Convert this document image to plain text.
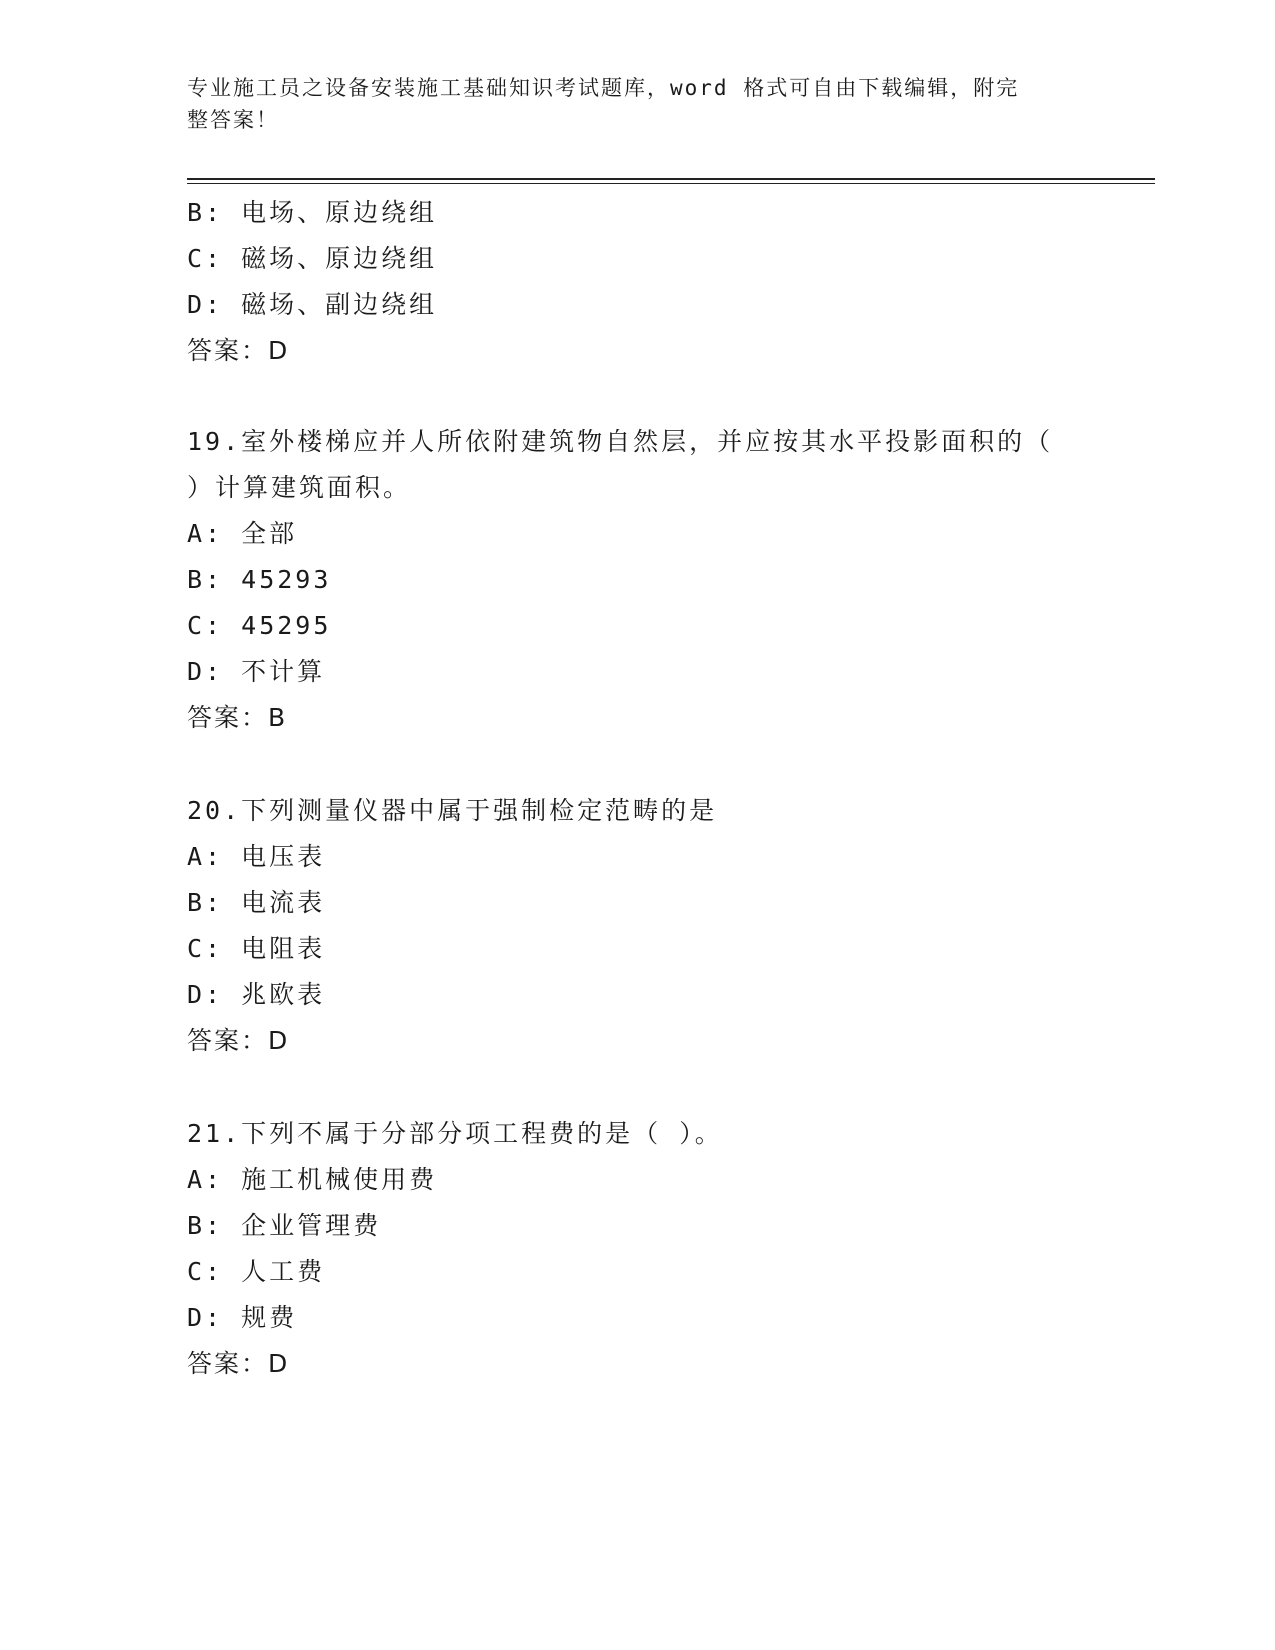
专业施工员之设备安装施工基础知识考试题库，word 格式可自由下载编辑，附完
整答案！
B: 电场、原边绕组
C: 磁场、原边绕组
D: 磁场、副边绕组
答案：D
19.室外楼梯应并人所依附建筑物自然层，并应按其水平投影面积的（
）计算建筑面积。
A: 全部
B: 45293
C: 45295
D: 不计算
答案：B
20.下列测量仪器中属于强制检定范畴的是
A: 电压表
B: 电流表
C: 电阻表
D: 兆欧表
答案：D
21.下列不属于分部分项工程费的是（ ）。
A: 施工机械使用费
B: 企业管理费
C: 人工费
D: 规费
答案：D
